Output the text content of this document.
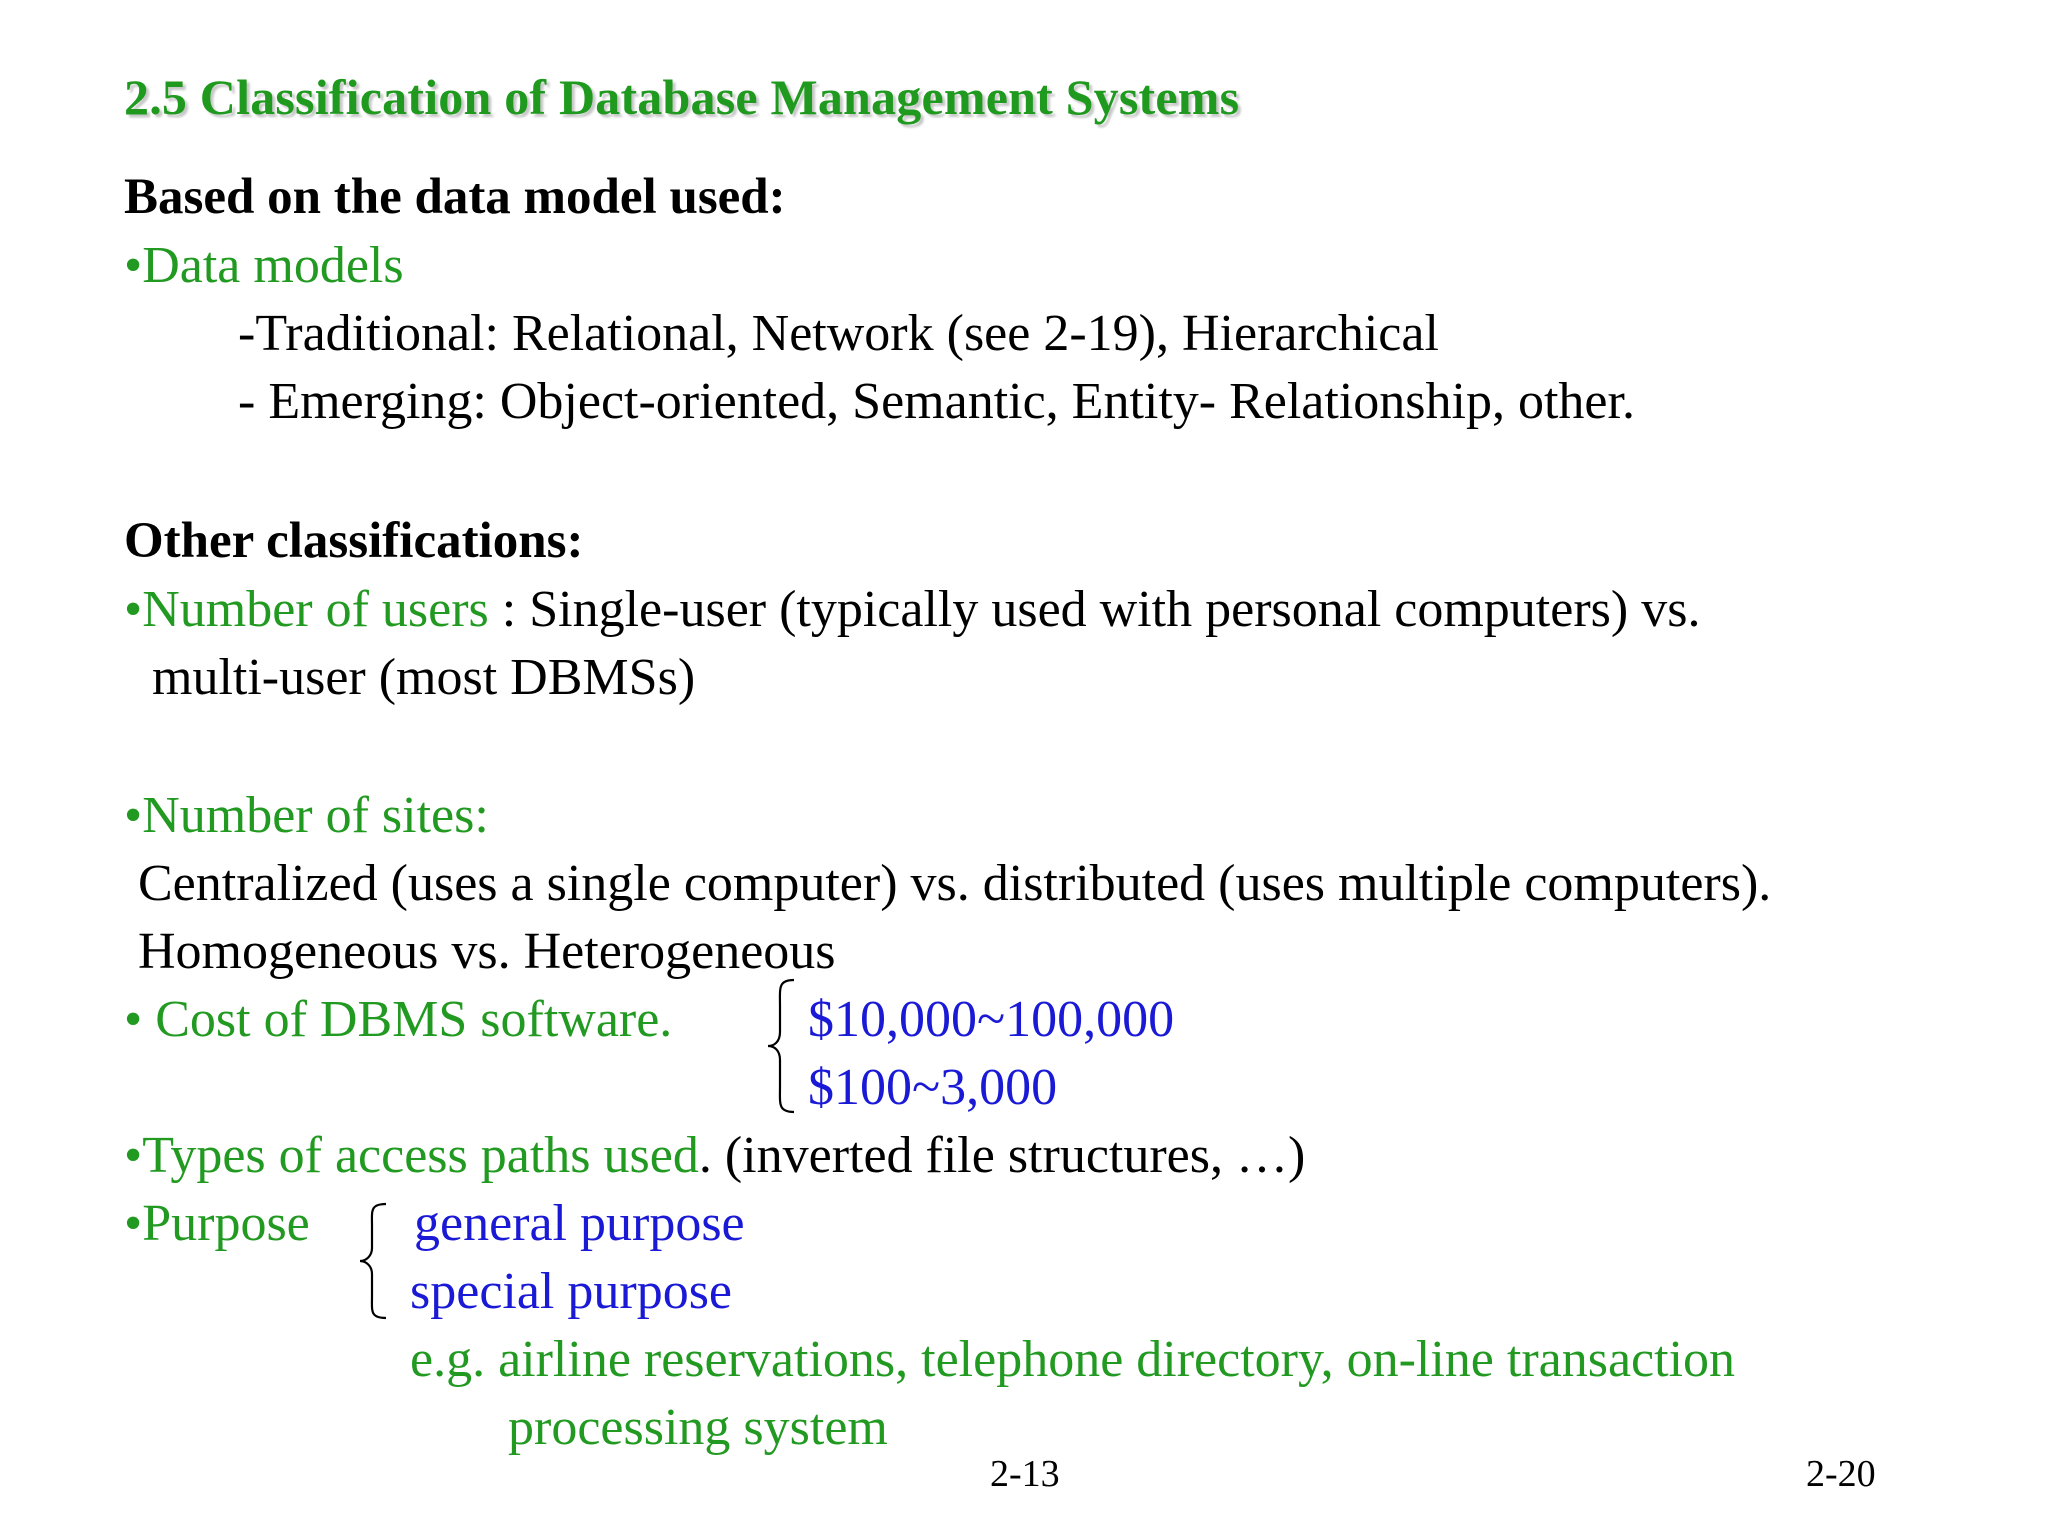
2.5 Classification of Database Management Systems
Based on the data model used:
•Data models
-Traditional: Relational, Network (see 2-19), Hierarchical
- Emerging: Object-oriented, Semantic, Entity- Relationship, other.
Other classifications:
•Number of users : Single-user (typically used with personal computers) vs.
multi-user (most DBMSs)
•Number of sites:
Centralized (uses a single computer) vs. distributed (uses multiple computers).
Homogeneous vs. Heterogeneous
• Cost of DBMS software.	$10,000~100,000
$100~3,000
•Types of access paths used. (inverted file structures, …)
•Purpose general purpose
special purpose
e.g. airline reservations, telephone directory, on-line transaction
processing system
2-13	2-20
